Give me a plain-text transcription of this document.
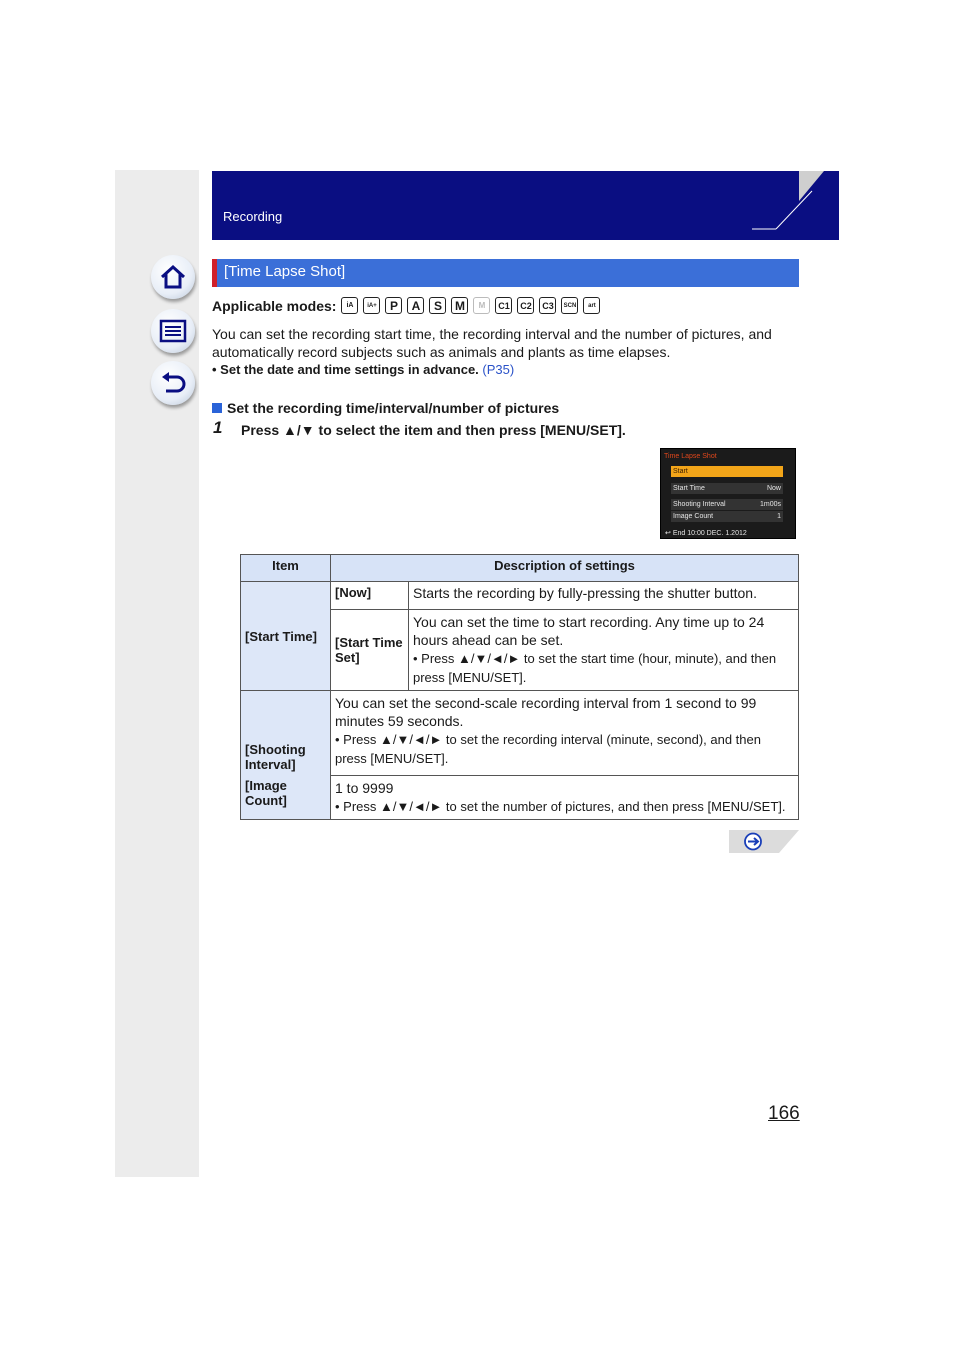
Recording
[Time Lapse Shot]
Applicable modes:	iA	iA+	P	A	S	M	M	C1	C2	C3	SCN	art
You can set the recording start time, the recording interval and the number of pictures, and automatically record subjects such as animals and plants as time elapses.
• Set the date and time settings in advance. (P35)
Set the recording time/interval/number of pictures
1 Press ▲/▼ to select the item and then press [MENU/SET].
Time Lapse Shot
Start
Start Time	Now
Shooting Interval	1m00s
Image Count	1
↩ End 10:00 DEC. 1.2012
Item	Description of settings	
[Start Time]	[Now]	Starts the recording by fully-pressing the shutter button.
	[Start Time Set]	You can set the time to start recording. Any time up to 24 hours ahead can be set.
• Press ▲/▼/◄/► to set the start time (hour, minute), and then press [MENU/SET].

[Shooting Interval]	You can set the second-scale recording interval from 1 second to 99 minutes 59 seconds.
• Press ▲/▼/◄/► to set the recording interval (minute, second), and then press [MENU/SET].	

[Image Count]	1 to 9999
• Press ▲/▼/◄/► to set the number of pictures, and then press [MENU/SET].	
166
